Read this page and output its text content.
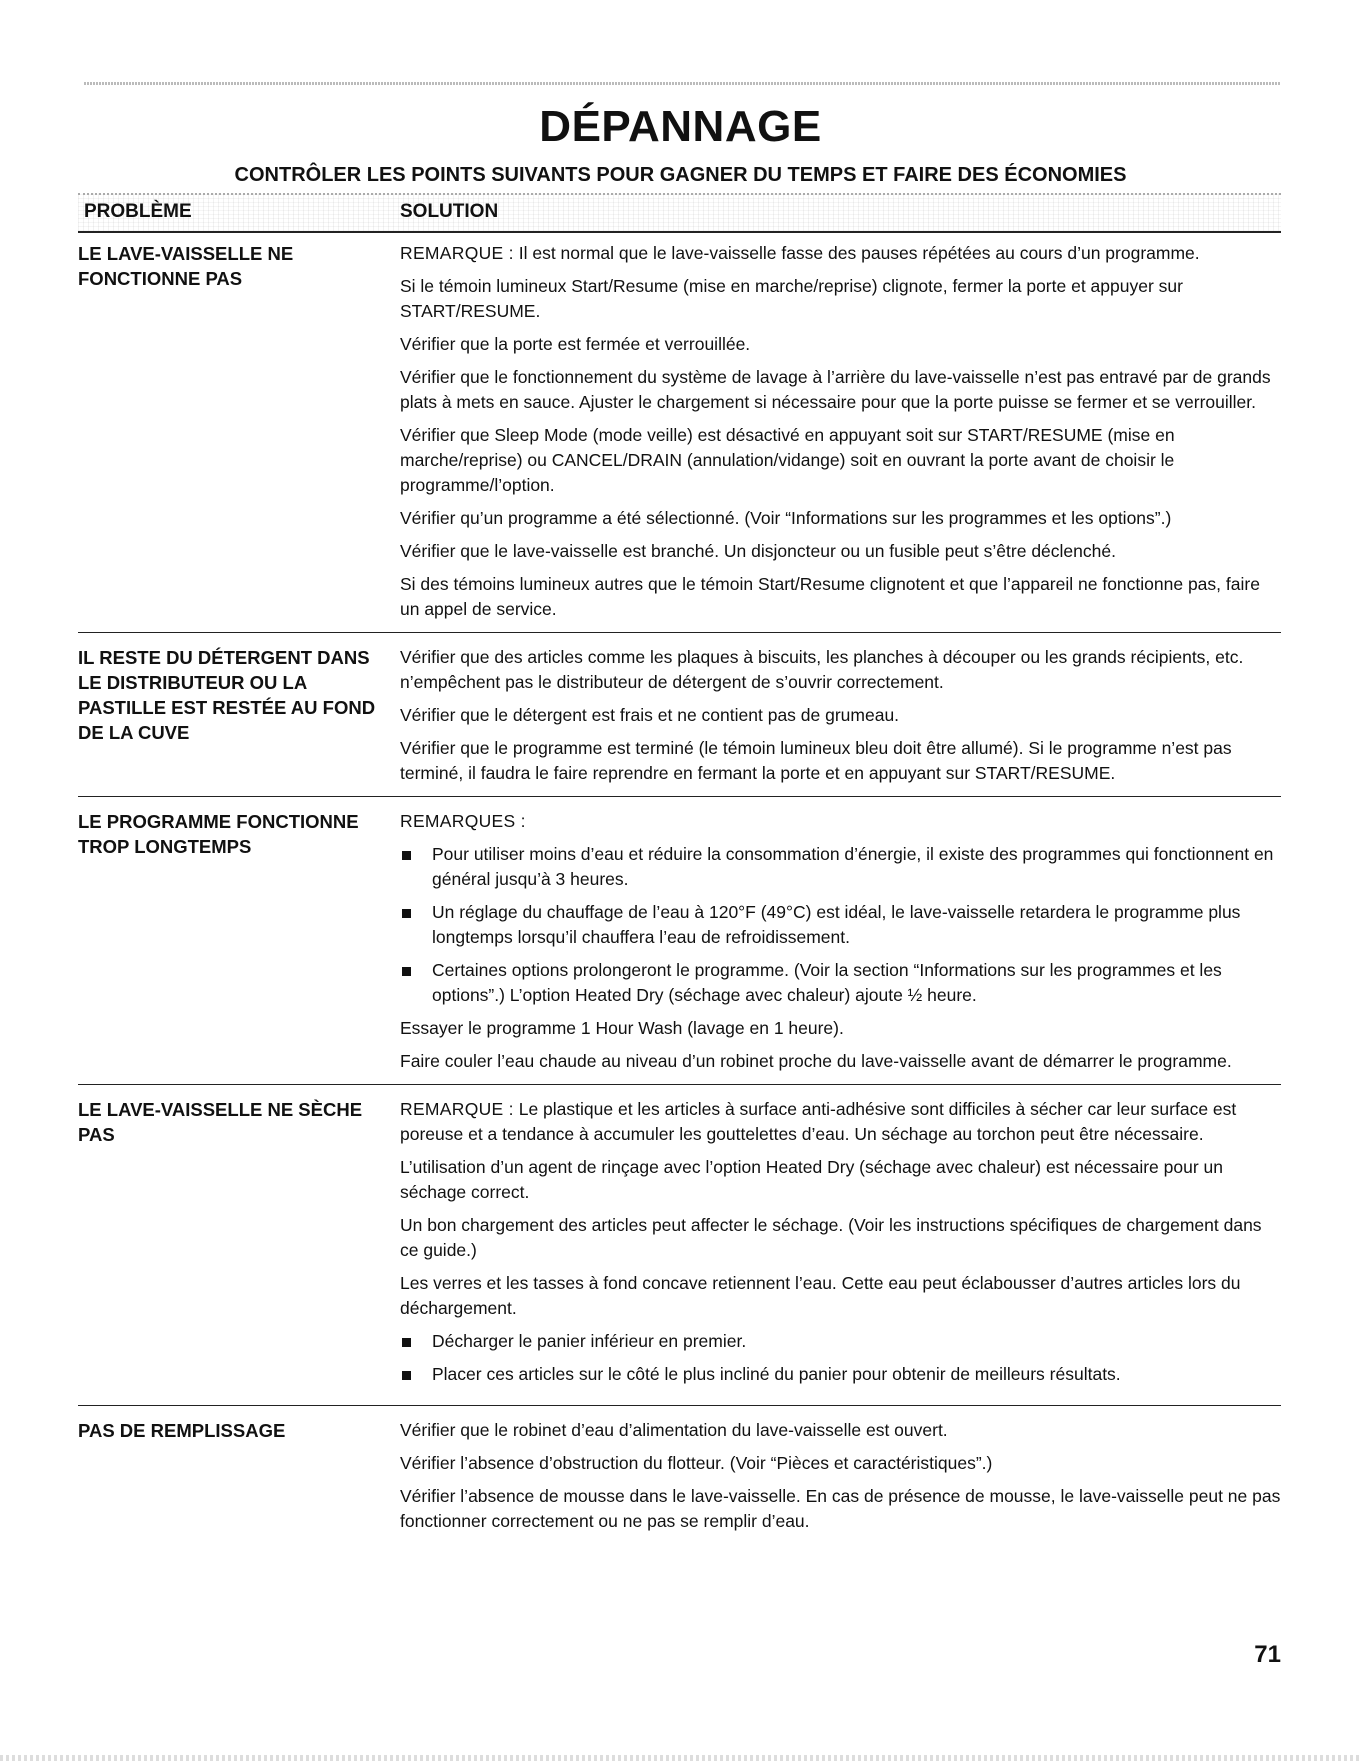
DÉPANNAGE
CONTRÔLER LES POINTS SUIVANTS POUR GAGNER DU TEMPS ET FAIRE DES ÉCONOMIES
PROBLÈME	SOLUTION
LE LAVE-VAISSELLE NE FONCTIONNE PAS

REMARQUE : Il est normal que le lave-vaisselle fasse des pauses répétées au cours d’un programme.

Si le témoin lumineux Start/Resume (mise en marche/reprise) clignote, fermer la porte et appuyer sur START/RESUME.

Vérifier que la porte est fermée et verrouillée.

Vérifier que le fonctionnement du système de lavage à l’arrière du lave-vaisselle n’est pas entravé par de grands plats à mets en sauce. Ajuster le chargement si nécessaire pour que la porte puisse se fermer et se verrouiller.

Vérifier que Sleep Mode (mode veille) est désactivé en appuyant soit sur START/RESUME (mise en marche/reprise) ou CANCEL/DRAIN (annulation/vidange) soit en ouvrant la porte avant de choisir le programme/l’option.

Vérifier qu’un programme a été sélectionné. (Voir “Informations sur les programmes et les options”.)

Vérifier que le lave-vaisselle est branché. Un disjoncteur ou un fusible peut s’être déclenché.

Si des témoins lumineux autres que le témoin Start/Resume clignotent et que l’appareil ne fonctionne pas, faire un appel de service.

IL RESTE DU DÉTERGENT DANS LE DISTRIBUTEUR OU LA PASTILLE EST RESTÉE AU FOND DE LA CUVE

Vérifier que des articles comme les plaques à biscuits, les planches à découper ou les grands récipients, etc. n’empêchent pas le distributeur de détergent de s’ouvrir correctement.

Vérifier que le détergent est frais et ne contient pas de grumeau.

Vérifier que le programme est terminé (le témoin lumineux bleu doit être allumé). Si le programme n’est pas terminé, il faudra le faire reprendre en fermant la porte et en appuyant sur START/RESUME.

LE PROGRAMME FONCTIONNE TROP LONGTEMPS

REMARQUES :

Pour utiliser moins d’eau et réduire la consommation d’énergie, il existe des programmes qui fonctionnent en général jusqu’à 3 heures.
Un réglage du chauffage de l’eau à 120°F (49°C) est idéal, le lave-vaisselle retardera le programme plus longtemps lorsqu’il chauffera l’eau de refroidissement.
Certaines options prolongeront le programme. (Voir la section “Informations sur les programmes et les options”.) L’option Heated Dry (séchage avec chaleur) ajoute ½ heure.

Essayer le programme 1 Hour Wash (lavage en 1 heure).

Faire couler l’eau chaude au niveau d’un robinet proche du lave-vaisselle avant de démarrer le programme.

LE LAVE-VAISSELLE NE SÈCHE PAS

REMARQUE : Le plastique et les articles à surface anti-adhésive sont difficiles à sécher car leur surface est poreuse et a tendance à accumuler les gouttelettes d’eau. Un séchage au torchon peut être nécessaire.

L’utilisation d’un agent de rinçage avec l’option Heated Dry (séchage avec chaleur) est nécessaire pour un séchage correct.

Un bon chargement des articles peut affecter le séchage. (Voir les instructions spécifiques de chargement dans ce guide.)

Les verres et les tasses à fond concave retiennent l’eau. Cette eau peut éclabousser d’autres articles lors du déchargement.

Décharger le panier inférieur en premier.
Placer ces articles sur le côté le plus incliné du panier pour obtenir de meilleurs résultats.
PAS DE REMPLISSAGE	Vérifier que le robinet d’eau d’alimentation du lave-vaisselle est ouvert.

Vérifier l’absence d’obstruction du flotteur. (Voir “Pièces et caractéristiques”.)

Vérifier l’absence de mousse dans le lave-vaisselle. En cas de présence de mousse, le lave-vaisselle peut ne pas fonctionner correctement ou ne pas se remplir d’eau.

71
